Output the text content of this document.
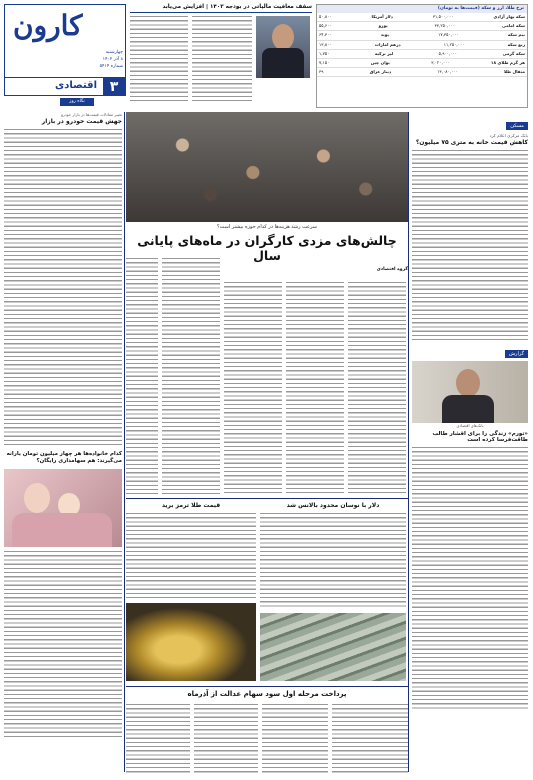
کارون
چهارشنبه
۸ آذر ۱۴۰۲
شماره ۵۴۱۴
۳
اقتصادی
نگاه روز
سقف معافیت مالیاتی در بودجه ۱۴۰۳ | افزایش می‌یابد	نرخ طلا، ارز و سکه (قیمت‌ها به تومان)
سکه بهار آزادی
۳۱,۵۰۰,۰۰۰
دلار آمریکا
۵۰,۸۰۰
سکه امامی
۳۳,۲۵۰,۰۰۰
یورو
۵۵,۶۰۰
نیم سکه
۱۷,۳۵۰,۰۰۰
پوند
۶۴,۳۰۰
ربع سکه
۱۱,۲۵۰,۰۰۰
درهم امارات
۱۳,۸۰۰
سکه گرمی
۵,۹۰۰,۰۰۰
لیر ترکیه
۱,۷۵۰
هر گرم طلای ۱۸
۳,۰۲۰,۰۰۰
یوان چین
۷,۱۵۰
مثقال طلا
۱۳,۰۸۰,۰۰۰
دینار عراق
۳۹
مسکن
بانک مرکزی اعلام کرد
کاهش قیمت خانه به متری ۷۵ میلیون؟
گزارش
بانک‌های اقتصادی
«تورم» زندگی را برای اقشار طالب طاقت‌فرسا کرده است
تغییر معادلات قیمت‌ها در بازار خودرو
جهش قیمت خودرو در بازار
کدام خانواده‌ها هر چهار میلیون تومان یارانه می‌گیرند: هم سهامداری رایگان؟
سرعت رشد هزینه‌ها در کدام حوزه بیشتر است؟
چالش‌های مزدی کارگران در ماه‌های پایانی سال
گروه اقتصادی
دلار با نوسان محدود بالانس شد
قیمت طلا ترمز برید
پرداخت مرحله اول سود سهام عدالت از آذرماه
